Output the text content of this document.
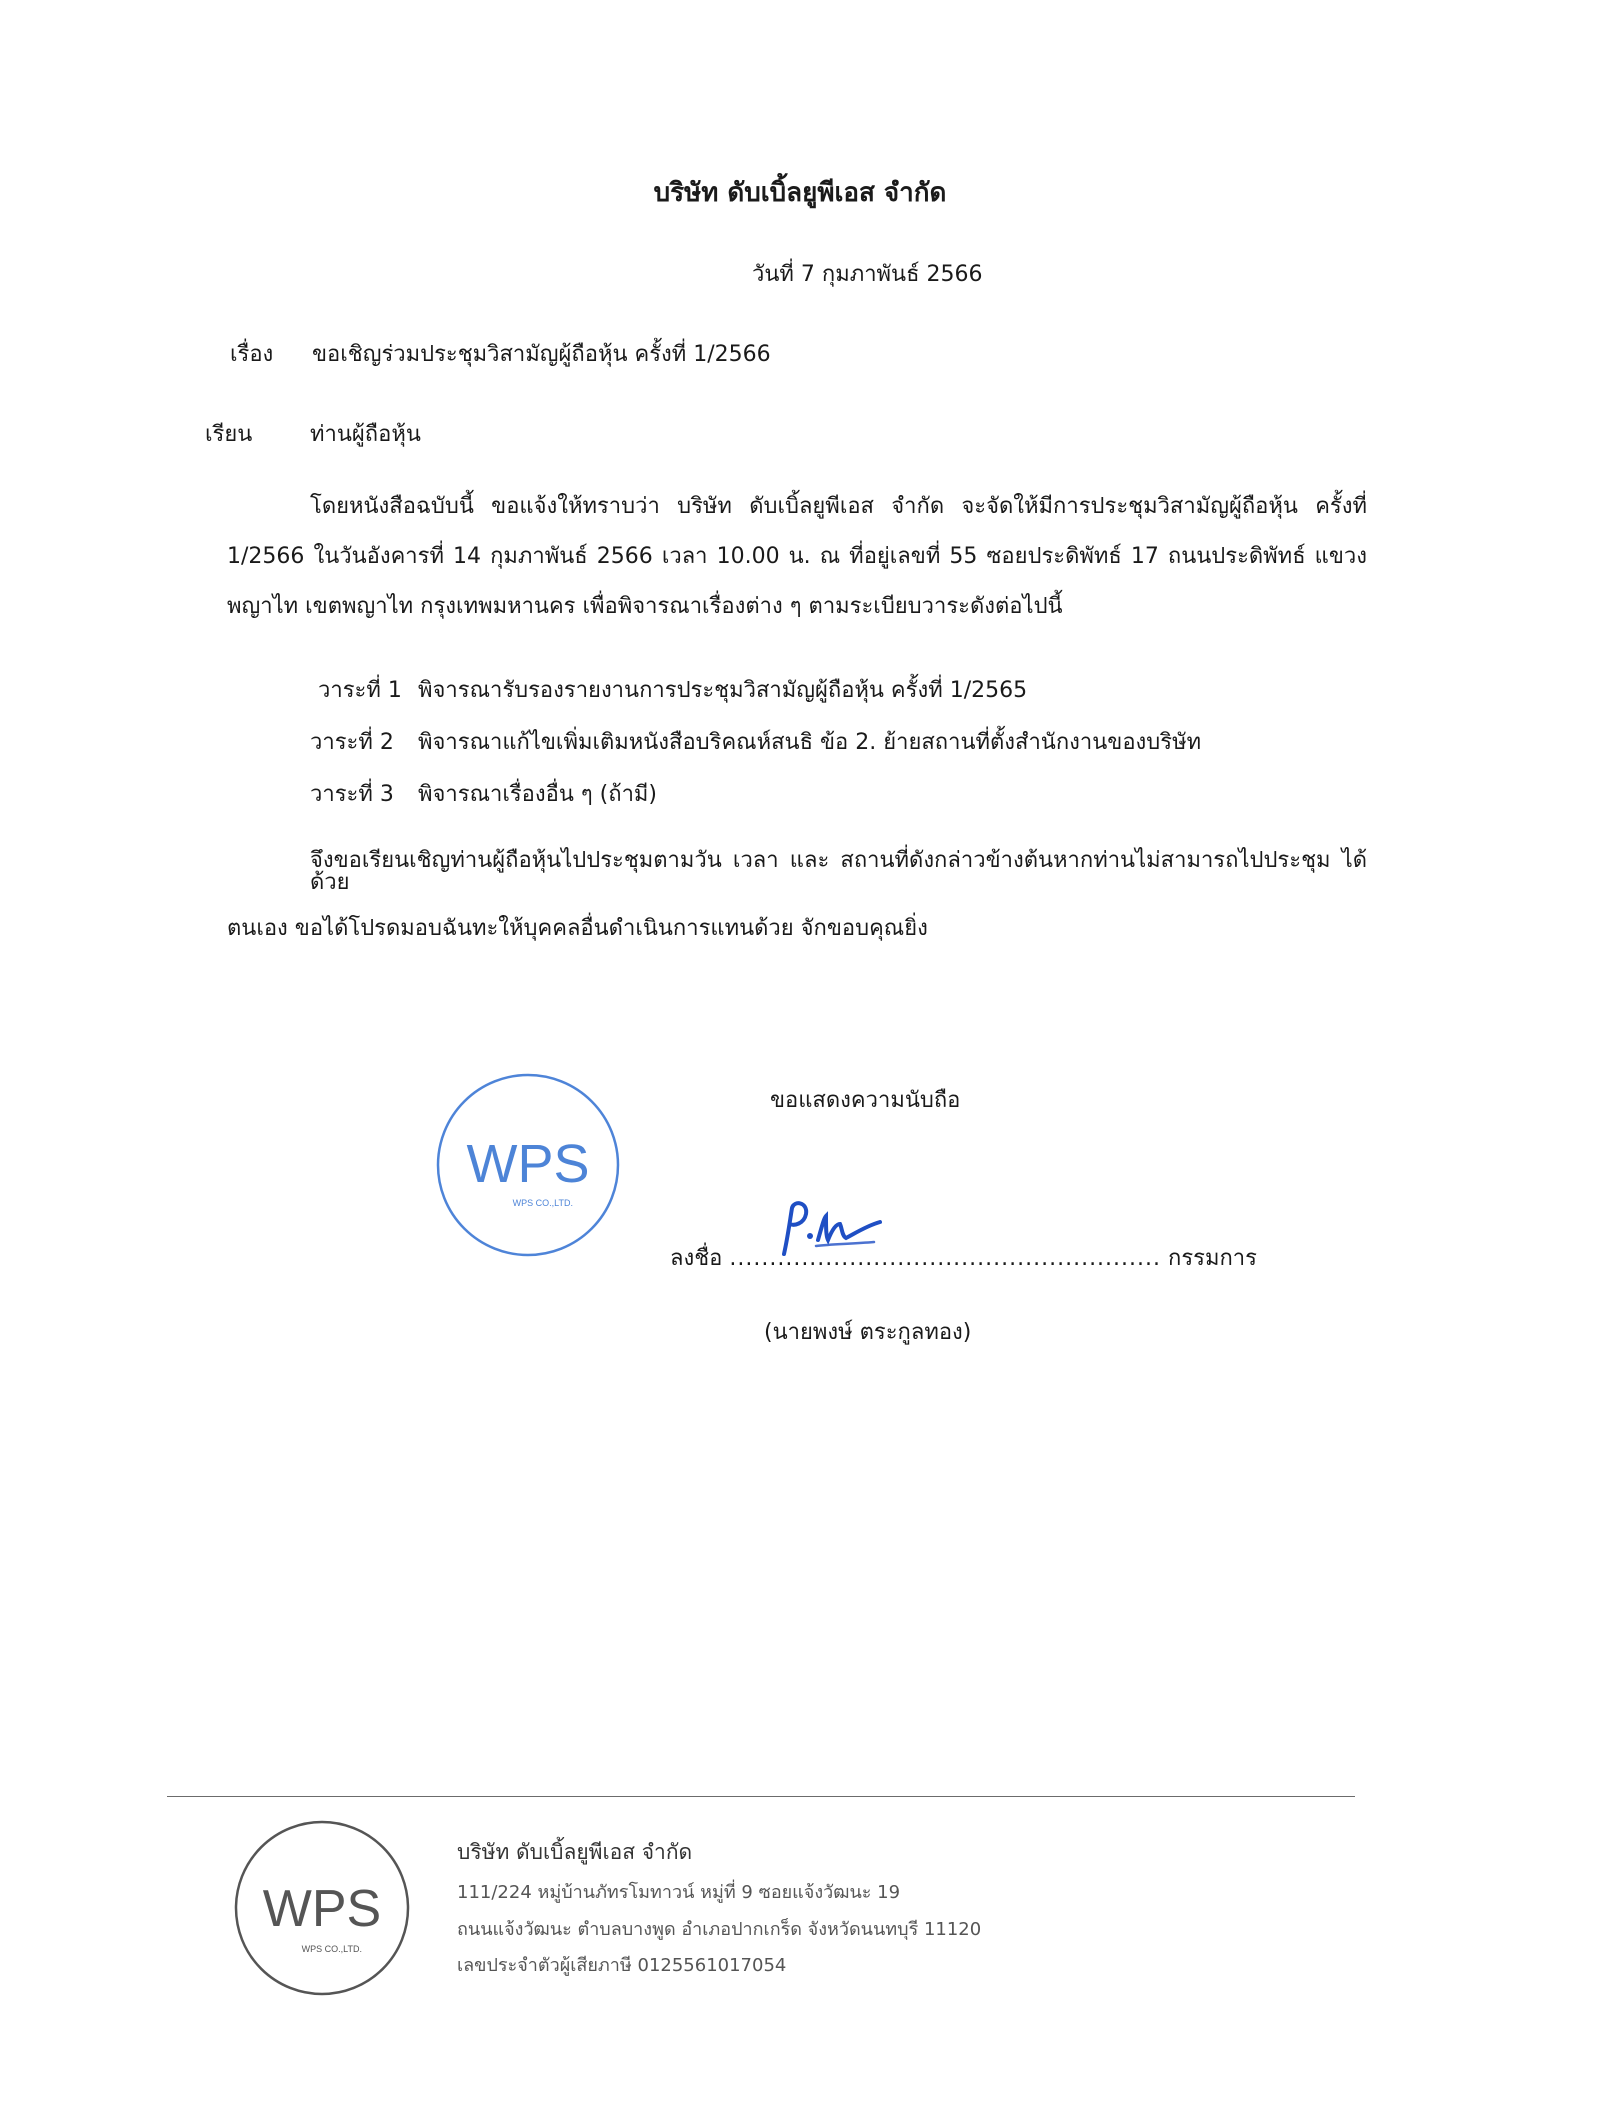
บริษัท ดับเบิ้ลยูพีเอส จำกัด
วันที่ 7 กุมภาพันธ์ 2566
เรื่อง ขอเชิญร่วมประชุมวิสามัญผู้ถือหุ้น ครั้งที่ 1/2566
เรียน	ท่านผู้ถือหุ้น
โดยหนังสือฉบับนี้ ขอแจ้งให้ทราบว่า บริษัท ดับเบิ้ลยูพีเอส จำกัด จะจัดให้มีการประชุมวิสามัญผู้ถือหุ้น ครั้งที่
1/2566 ในวันอังคารที่ 14 กุมภาพันธ์ 2566 เวลา 10.00 น. ณ ที่อยู่เลขที่ 55 ซอยประดิพัทธ์ 17 ถนนประดิพัทธ์ แขวง
พญาไท เขตพญาไท กรุงเทพมหานคร เพื่อพิจารณาเรื่องต่าง ๆ ตามระเบียบวาระดังต่อไปนี้
วาระที่ 1 พิจารณารับรองรายงานการประชุมวิสามัญผู้ถือหุ้น ครั้งที่ 1/2565
วาระที่ 2 พิจารณาแก้ไขเพิ่มเติมหนังสือบริคณห์สนธิ ข้อ 2. ย้ายสถานที่ตั้งสำนักงานของบริษัท
วาระที่ 3 พิจารณาเรื่องอื่น ๆ (ถ้ามี)
จึงขอเรียนเชิญท่านผู้ถือหุ้นไปประชุมตามวัน เวลา และ สถานที่ดังกล่าวข้างต้นหากท่านไม่สามารถไปประชุม ได้ด้วย
ตนเอง ขอได้โปรดมอบฉันทะให้บุคคลอื่นดำเนินการแทนด้วย จักขอบคุณยิ่ง
WPS
WPS CO.,LTD.
ขอแสดงความนับถือ
ลงชื่อ ...................................................... กรรมการ
(นายพงษ์ ตระกูลทอง)
WPS
WPS CO.,LTD.
บริษัท ดับเบิ้ลยูพีเอส จำกัด
111/224 หมู่บ้านภัทรโมทาวน์ หมู่ที่ 9 ซอยแจ้งวัฒนะ 19
ถนนแจ้งวัฒนะ ตำบลบางพูด อำเภอปากเกร็ด จังหวัดนนทบุรี 11120
เลขประจำตัวผู้เสียภาษี 0125561017054
